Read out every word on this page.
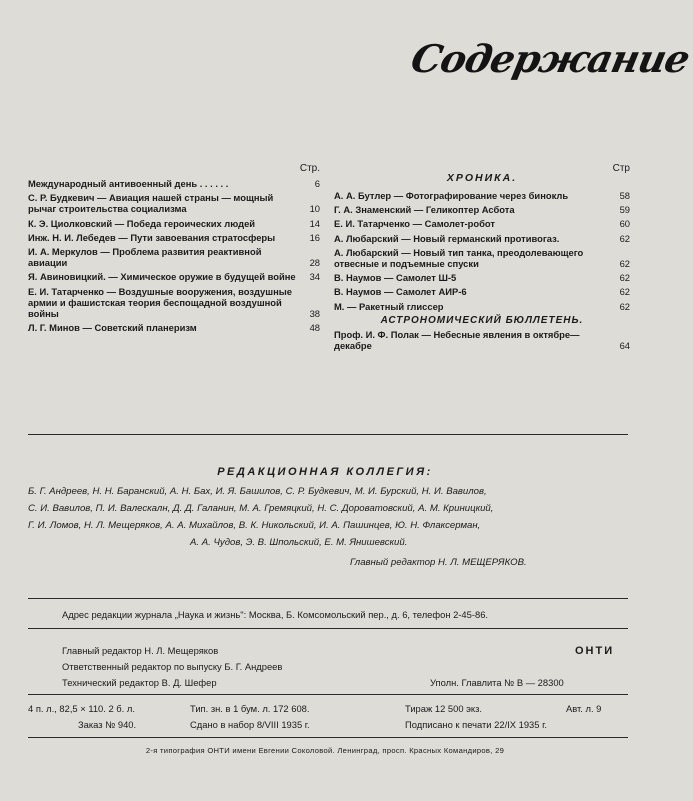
Содержание
Стр.
Международный антивоенный день . . . . . .	6
С. Р. Будкевич — Авиация нашей страны — мощный рычаг строительства социализма	10
К. Э. Циолковский — Победа героических людей	14
Инж. Н. И. Лебедев — Пути завоевания стратосферы	16
И. А. Меркулов — Проблема развития реактивной авиации	28
Я. Авиновицкий. — Химическое оружие в будущей войне	34
Е. И. Татарченко — Воздушные вооружения, воздушные армии и фашистская теория беспощадной воздушной войны	38
Л. Г. Минов — Советский планеризм	48
Стр
ХРОНИКА.
А. А. Бутлер — Фотографирование через бинокль	58
Г. А. Знаменский — Геликоптер Асбота	59
Е. И. Татарченко — Самолет-робот	60
А. Любарский — Новый германский противогаз.	62
А. Любарский — Новый тип танка, преодолевающего отвесные и подъемные спуски	62
В. Наумов — Самолет Ш-5	62
В. Наумов — Самолет АИР-6	62
М. — Ракетный глиссер	62
АСТРОНОМИЧЕСКИЙ БЮЛЛЕТЕНЬ.
Проф. И. Ф. Полак — Небесные явления в октябре—декабре	64
РЕДАКЦИОННАЯ КОЛЛЕГИЯ:
Б. Г. Андреев, Н. Н. Баранский, А. Н. Бах, И. Я. Башилов, С. Р. Будкевич, М. И. Бурский, Н. И. Вавилов,
С. И. Вавилов, П. И. Валескалн, Д. Д. Галанин, М. А. Гремяцкий, Н. С. Дороватовский, А. М. Криницкий,
Г. И. Ломов, Н. Л. Мещеряков, А. А. Михайлов, В. К. Никольский, И. А. Пашинцев, Ю. Н. Флаксерман,
А. А. Чудов, Э. В. Шпольский, Е. М. Янишевский.
Главный редактор Н. Л. МЕЩЕРЯКОВ.
Адрес редакции журнала „Наука и жизнь": Москва, Б. Комсомольский пер., д. 6, телефон 2-45-86.
Главный редактор Н. Л. Мещеряков	ОНТИ
Ответственный редактор по выпуску Б. Г. Андреев
Технический редактор В. Д. Шефер	Уполн. Главлита № В — 28300
4 п. л., 82,5 × 110. 2 б. л.	Тип. зн. в 1 бум. л. 172 608.	Тираж 12 500 экз.	Авт. л. 9
Заказ № 940.	Сдано в набор 8/VIII 1935 г.	Подписано к печати 22/IX 1935 г.
2-я типография ОНТИ имени Евгении Соколовой. Ленинград, просп. Красных Командиров, 29
